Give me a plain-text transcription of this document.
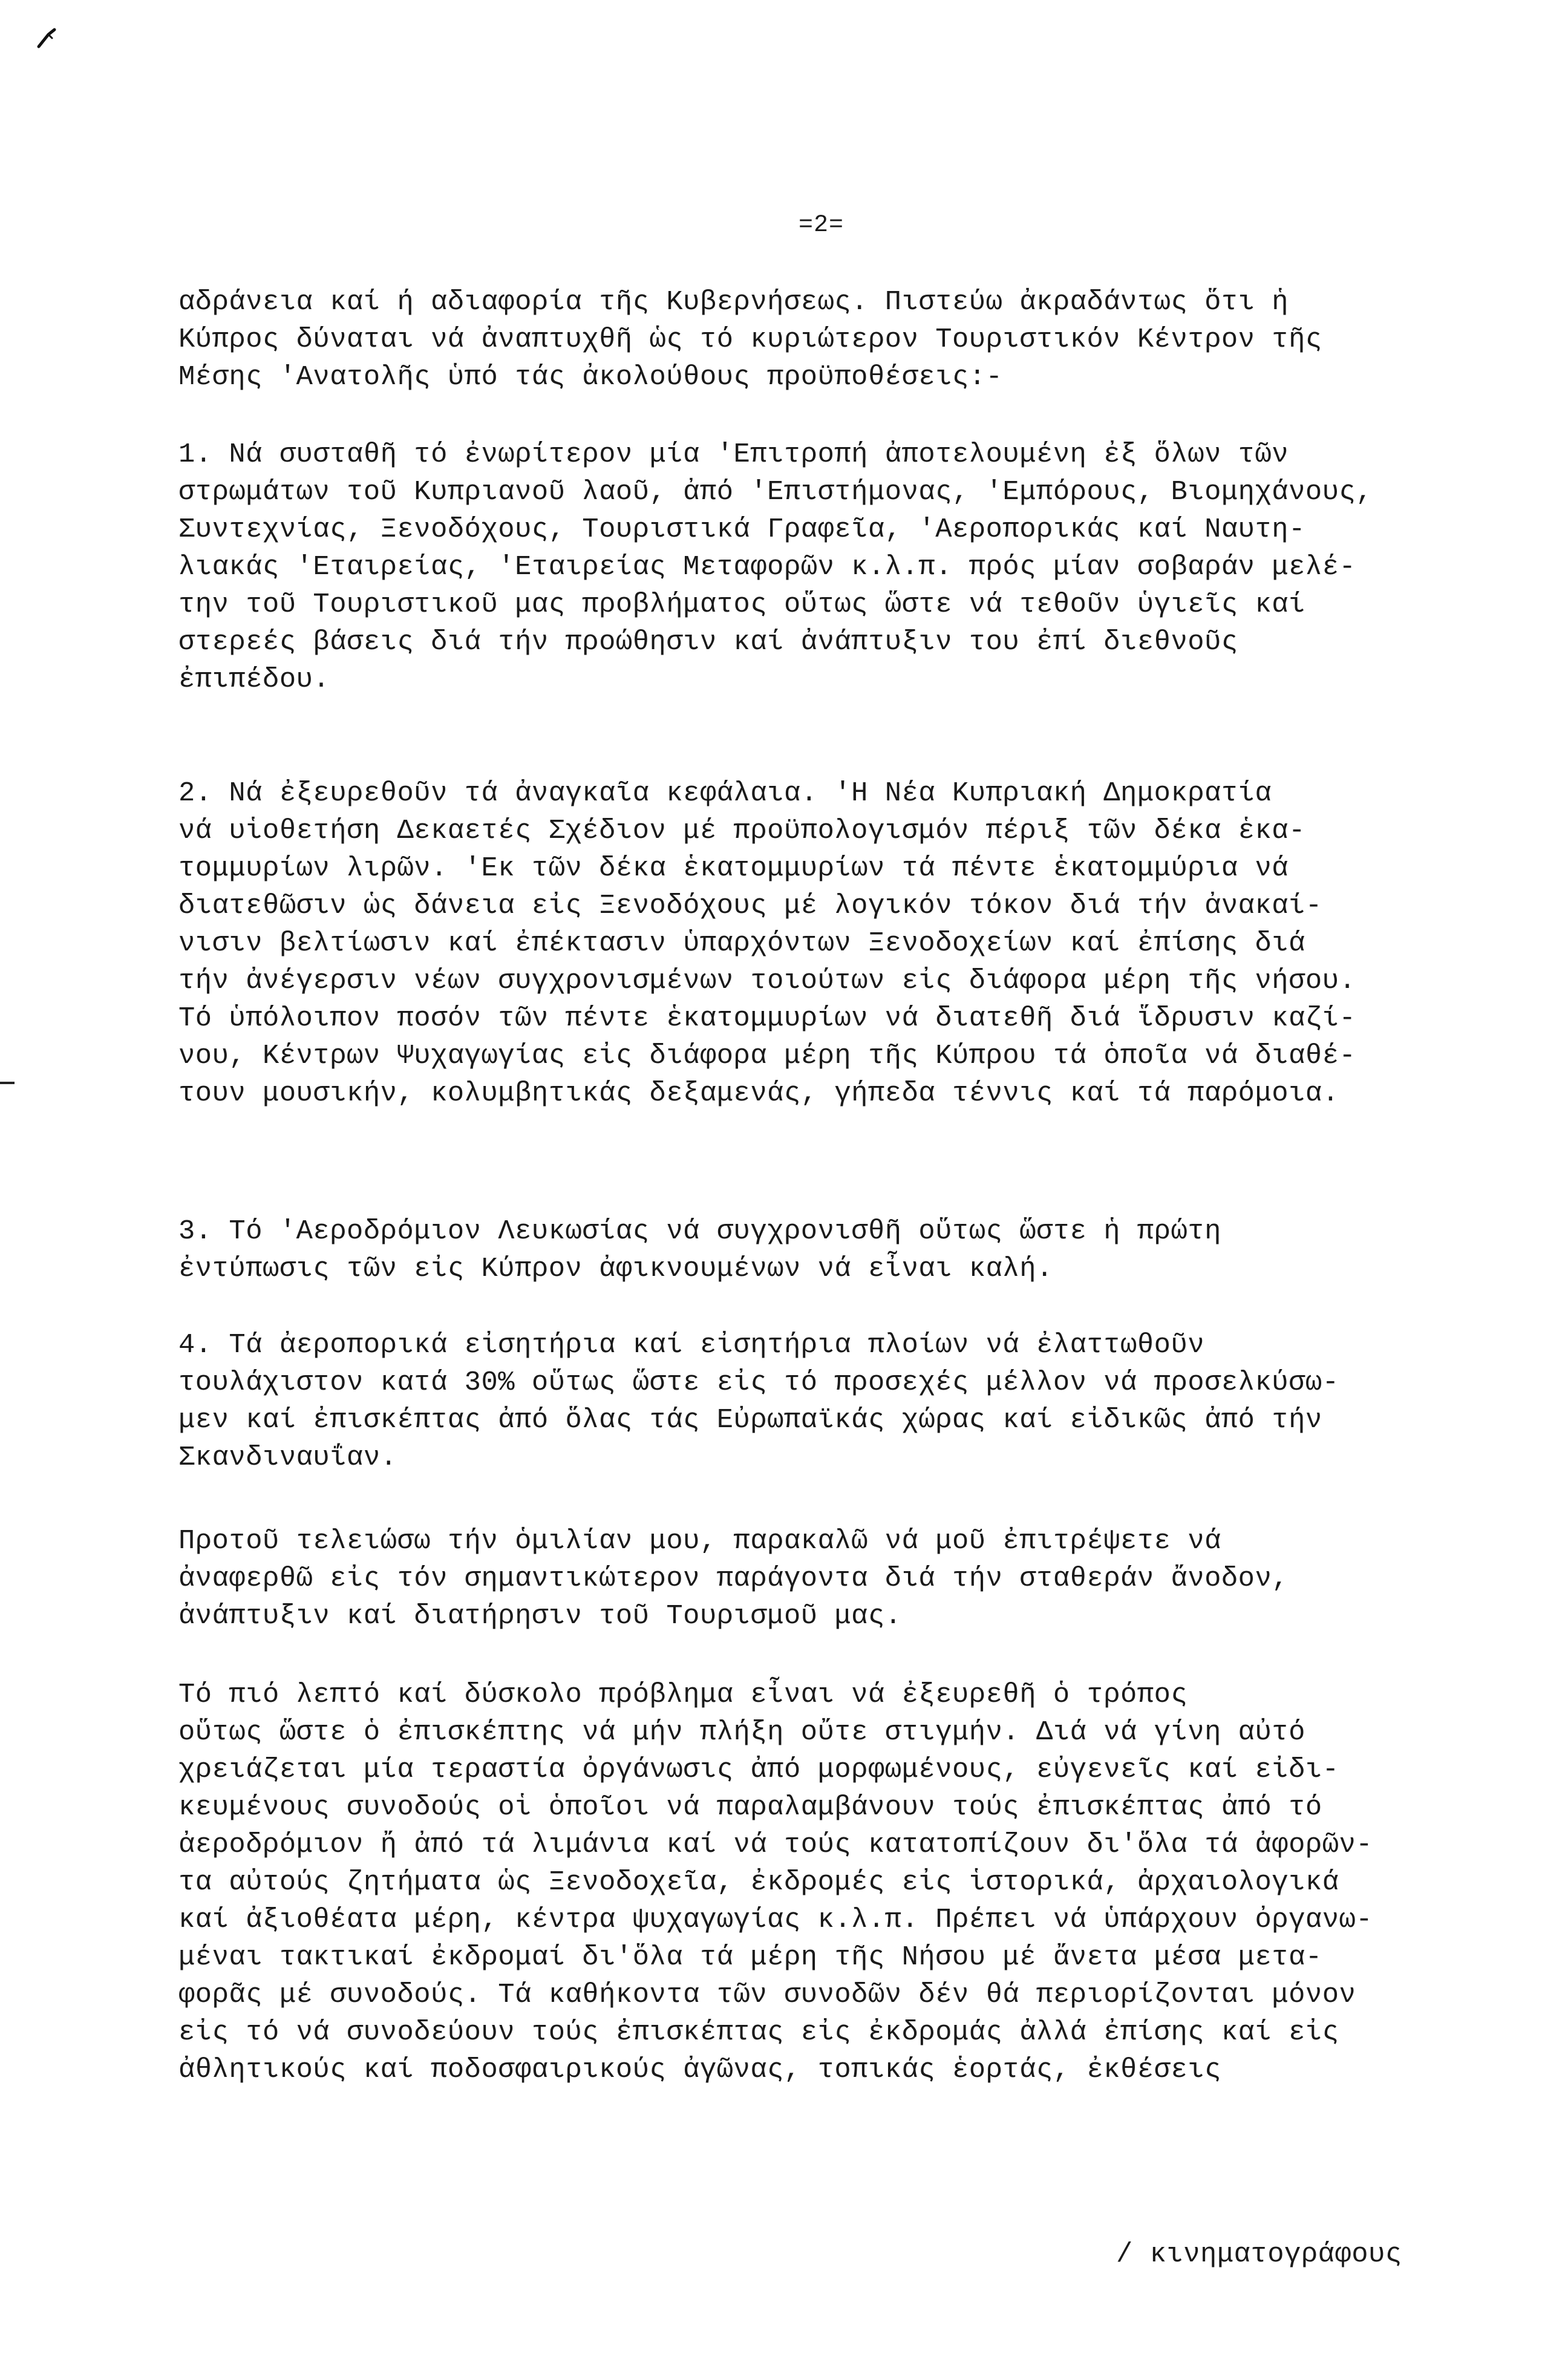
=2=
αδράνεια καί ή αδιαφορία τῆς Κυβερνήσεως. Πιστεύω ἀκραδάντως ὅτι ἡ
Κύπρος δύναται νά ἀναπτυχθῆ ὡς τό κυριώτερον Τουριστικόν Κέντρον τῆς
Μέσης 'Ανατολῆς ὑπό τάς ἀκολούθους προϋποθέσεις:-
1. Νά συσταθῆ τό ἐνωρίτερον μία 'Επιτροπή ἀποτελουμένη ἐξ ὅλων τῶν
στρωμάτων τοῦ Κυπριανοῦ λαοῦ, ἀπό 'Επιστήμονας, 'Εμπόρους, Βιομηχάνους,
Συντεχνίας, Ξενοδόχους, Τουριστικά Γραφεῖα, 'Αεροπορικάς καί Ναυτη-
λιακάς 'Εταιρείας, 'Εταιρείας Μεταφορῶν κ.λ.π. πρός μίαν σοβαράν μελέ-
την τοῦ Τουριστικοῦ μας προβλήματος οὕτως ὥστε νά τεθοῦν ὑγιεῖς καί
στερεές βάσεις διά τήν προώθησιν καί ἀνάπτυξιν του ἐπί διεθνοῦς
ἐπιπέδου.
2. Νά ἐξευρεθοῦν τά ἀναγκαῖα κεφάλαια. 'Η Νέα Κυπριακή Δημοκρατία
νά υἱοθετήση Δεκαετές Σχέδιον μέ προϋπολογισμόν πέριξ τῶν δέκα ἑκα-
τομμυρίων λιρῶν. 'Εκ τῶν δέκα ἑκατομμυρίων τά πέντε ἑκατομμύρια νά
διατεθῶσιν ὡς δάνεια εἰς Ξενοδόχους μέ λογικόν τόκον διά τήν ἀνακαί-
νισιν βελτίωσιν καί ἐπέκτασιν ὑπαρχόντων Ξενοδοχείων καί ἐπίσης διά
τήν ἀνέγερσιν νέων συγχρονισμένων τοιούτων εἰς διάφορα μέρη τῆς νήσου.
Τό ὑπόλοιπον ποσόν τῶν πέντε ἑκατομμυρίων νά διατεθῆ διά ἵδρυσιν καζί-
νου, Κέντρων Ψυχαγωγίας εἰς διάφορα μέρη τῆς Κύπρου τά ὁποῖα νά διαθέ-
τουν μουσικήν, κολυμβητικάς δεξαμενάς, γήπεδα τέννις καί τά παρόμοια.
3. Τό 'Αεροδρόμιον Λευκωσίας νά συγχρονισθῆ οὕτως ὥστε ἡ πρώτη
ἐντύπωσις τῶν εἰς Κύπρον ἀφικνουμένων νά εἶναι καλή.
4. Τά ἀεροπορικά εἰσητήρια καί εἰσητήρια πλοίων νά ἐλαττωθοῦν
τουλάχιστον κατά 30% οὕτως ὥστε εἰς τό προσεχές μέλλον νά προσελκύσω-
μεν καί ἐπισκέπτας ἀπό ὅλας τάς Εὐρωπαϊκάς χώρας καί εἰδικῶς ἀπό τήν
Σκανδιναυΐαν.
Προτοῦ τελειώσω τήν ὁμιλίαν μου, παρακαλῶ νά μοῦ ἐπιτρέψετε νά
ἀναφερθῶ εἰς τόν σημαντικώτερον παράγοντα διά τήν σταθεράν ἄνοδον,
ἀνάπτυξιν καί διατήρησιν τοῦ Τουρισμοῦ μας.
Τό πιό λεπτό καί δύσκολο πρόβλημα εἶναι νά ἐξευρεθῆ ὁ τρόπος
οὕτως ὥστε ὁ ἐπισκέπτης νά μήν πλήξη οὔτε στιγμήν. Διά νά γίνη αὐτό
χρειάζεται μία τεραστία ὀργάνωσις ἀπό μορφωμένους, εὐγενεῖς καί εἰδι-
κευμένους συνοδούς οἱ ὁποῖοι νά παραλαμβάνουν τούς ἐπισκέπτας ἀπό τό
ἀεροδρόμιον ἤ ἀπό τά λιμάνια καί νά τούς κατατοπίζουν δι'ὅλα τά ἀφορῶν-
τα αὐτούς ζητήματα ὡς Ξενοδοχεῖα, ἐκδρομές εἰς ἱστορικά, ἀρχαιολογικά
καί ἀξιοθέατα μέρη, κέντρα ψυχαγωγίας κ.λ.π. Πρέπει νά ὑπάρχουν ὀργανω-
μέναι τακτικαί ἐκδρομαί δι'ὅλα τά μέρη τῆς Νήσου μέ ἄνετα μέσα μετα-
φορᾶς μέ συνοδούς. Τά καθήκοντα τῶν συνοδῶν δέν θά περιορίζονται μόνον
εἰς τό νά συνοδεύουν τούς ἐπισκέπτας εἰς ἐκδρομάς ἀλλά ἐπίσης καί εἰς
ἀθλητικούς καί ποδοσφαιρικούς ἀγῶνας, τοπικάς ἑορτάς, ἐκθέσεις
/ κινηματογράφους
